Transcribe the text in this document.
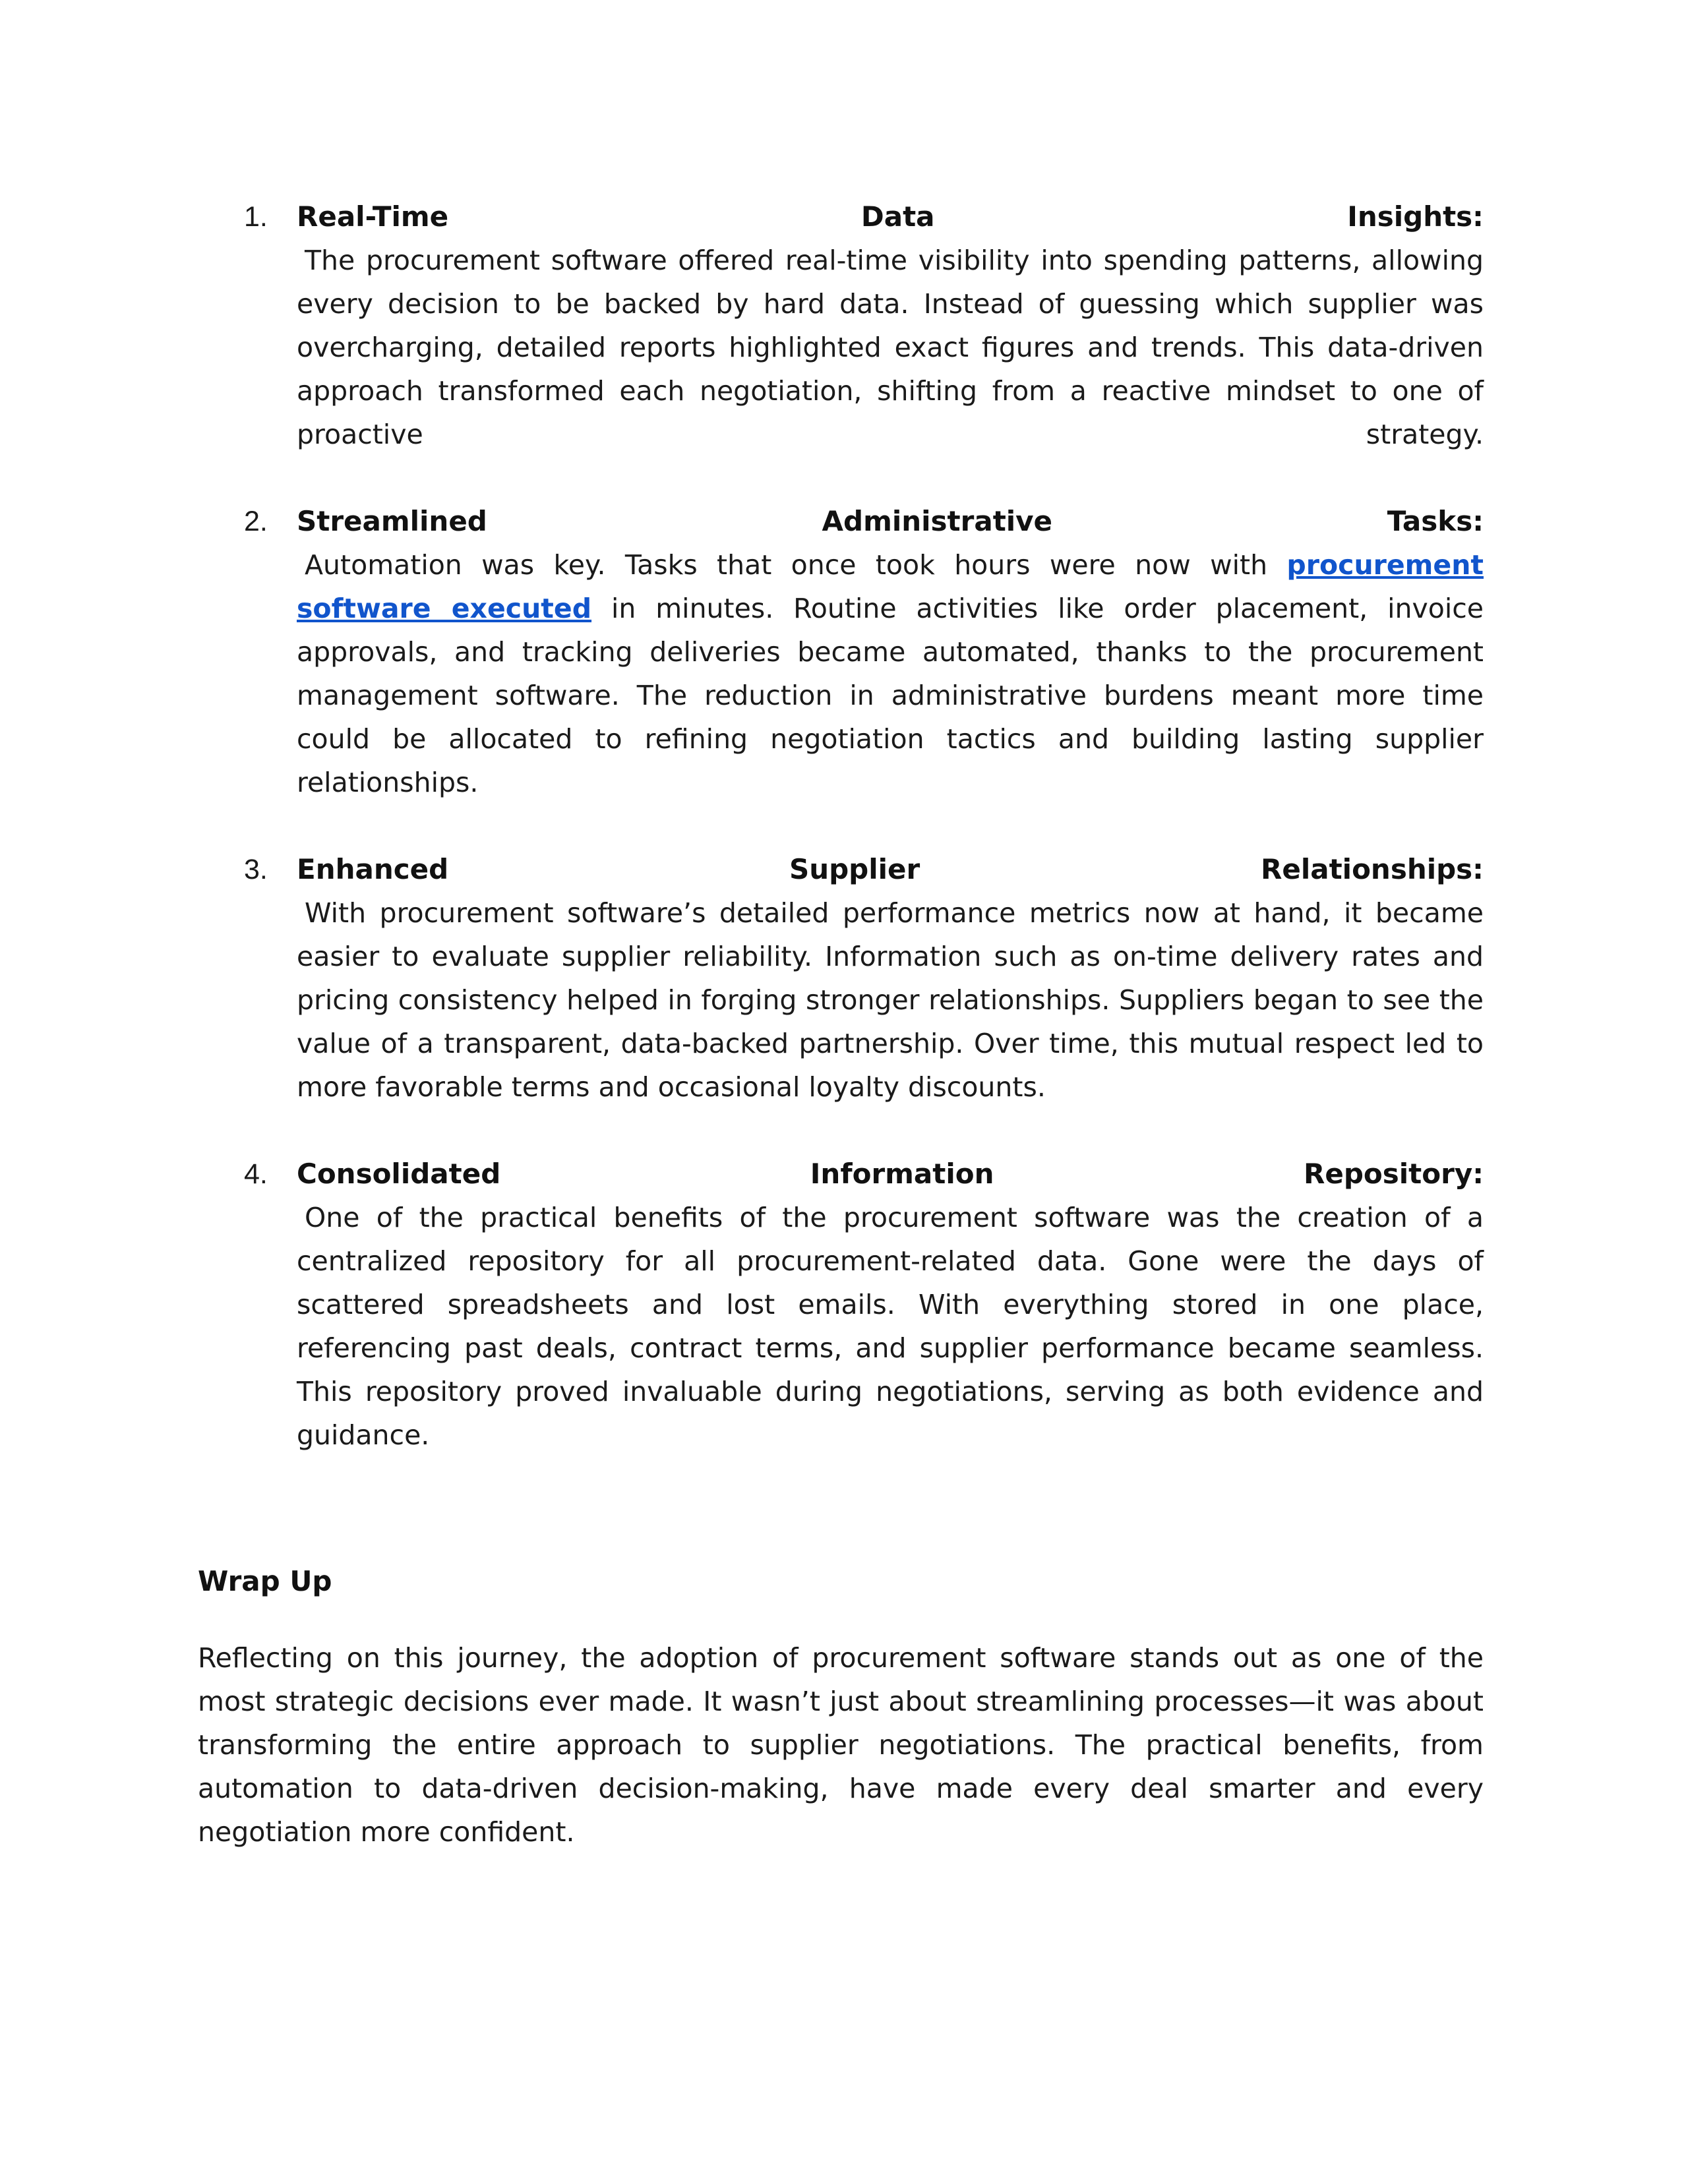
1. Real-Time	Data	Insights:
The procurement software offered real-time visibility into spending patterns, allowing every decision to be backed by hard data. Instead of guessing which supplier was overcharging, detailed reports highlighted exact figures and trends. This data-driven approach transformed each negotiation, shifting from a reactive mindset to one of proactive strategy.
2. Streamlined	Administrative	Tasks:
Automation was key. Tasks that once took hours were now with procurement software executed in minutes. Routine activities like order placement, invoice approvals, and tracking deliveries became automated, thanks to the procurement management software. The reduction in administrative burdens meant more time could be allocated to refining negotiation tactics and building lasting supplier relationships.
3. Enhanced	Supplier	Relationships:
With procurement software’s detailed performance metrics now at hand, it became easier to evaluate supplier reliability. Information such as on-time delivery rates and pricing consistency helped in forging stronger relationships. Suppliers began to see the value of a transparent, data-backed partnership. Over time, this mutual respect led to more favorable terms and occasional loyalty discounts.
4. Consolidated	Information	Repository:
One of the practical benefits of the procurement software was the creation of a centralized repository for all procurement-related data. Gone were the days of scattered spreadsheets and lost emails. With everything stored in one place, referencing past deals, contract terms, and supplier performance became seamless. This repository proved invaluable during negotiations, serving as both evidence and guidance.
Wrap Up
Reflecting on this journey, the adoption of procurement software stands out as one of the most strategic decisions ever made. It wasn’t just about streamlining processes—it was about transforming the entire approach to supplier negotiations. The practical benefits, from automation to data-driven decision-making, have made every deal smarter and every negotiation more confident.
